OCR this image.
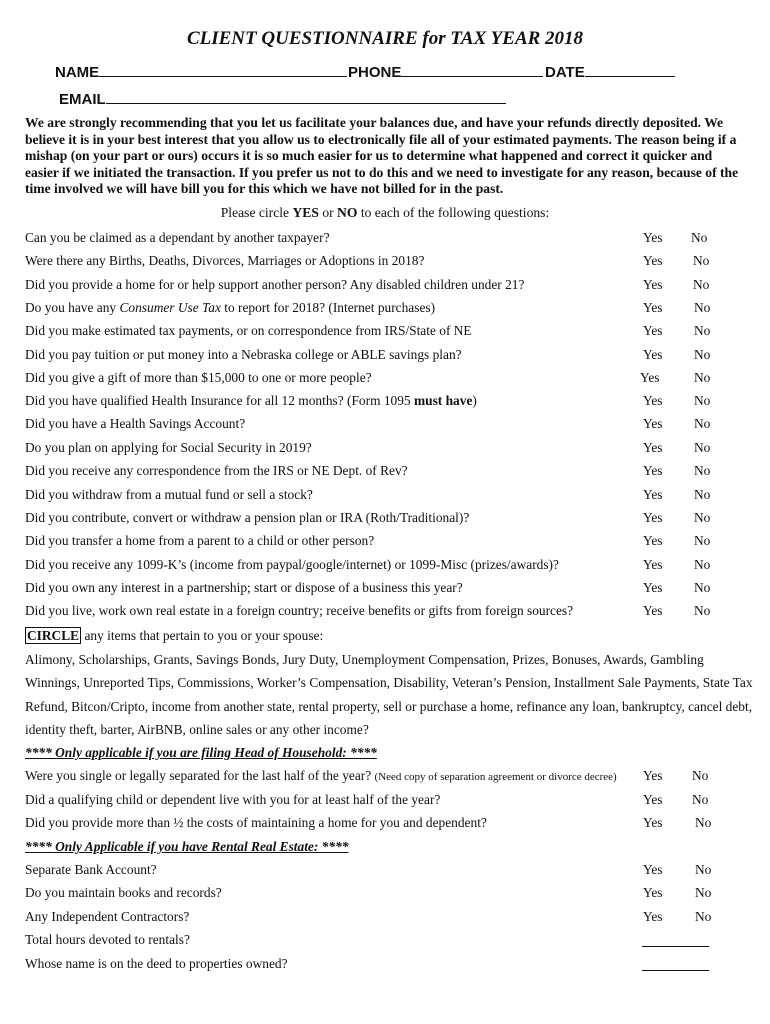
CLIENT QUESTIONNAIRE for TAX YEAR 2018
NAME	PHONE	DATE
EMAIL
We are strongly recommending that you let us facilitate your balances due, and have your refunds directly deposited. We believe it is in your best interest that you allow us to electronically file all of your estimated payments. The reason being if a mishap (on your part or ours) occurs it is so much easier for us to determine what happened and correct it quicker and easier if we initiated the transaction. If you prefer us not to do this and we need to investigate for any reason, because of the time involved we will have bill you for this which we have not billed for in the past.
Please circle YES or NO to each of the following questions:
Can you be claimed as a dependant by another taxpayer?	Yes No
Were there any Births, Deaths, Divorces, Marriages or Adoptions in 2018?	Yes No
Did you provide a home for or help support another person? Any disabled children under 21?	Yes No
Do you have any Consumer Use Tax to report for 2018? (Internet purchases)	Yes No
Did you make estimated tax payments, or on correspondence from IRS/State of NE	Yes No
Did you pay tuition or put money into a Nebraska college or ABLE savings plan?	Yes No
Did you give a gift of more than $15,000 to one or more people?	Yes	No
Did you have qualified Health Insurance for all 12 months? (Form 1095 must have)	Yes No
Did you have a Health Savings Account?	Yes No
Do you plan on applying for Social Security in 2019?	Yes No
Did you receive any correspondence from the IRS or NE Dept. of Rev?	Yes No
Did you withdraw from a mutual fund or sell a stock?	Yes No
Did you contribute, convert or withdraw a pension plan or IRA (Roth/Traditional)?	Yes No
Did you transfer a home from a parent to a child or other person?	Yes No
Did you receive any 1099-K’s (income from paypal/google/internet) or 1099-Misc (prizes/awards)?	Yes No
Did you own any interest in a partnership; start or dispose of a business this year?	Yes No
Did you live, work own real estate in a foreign country; receive benefits or gifts from foreign sources?	Yes No
CIRCLE any items that pertain to you or your spouse:
Alimony, Scholarships, Grants, Savings Bonds, Jury Duty, Unemployment Compensation, Prizes, Bonuses, Awards, Gambling Winnings, Unreported Tips, Commissions, Worker’s Compensation, Disability, Veteran’s Pension, Installment Sale Payments, State Tax Refund, Bitcon/Cripto, income from another state, rental property, sell or purchase a home, refinance any loan, bankruptcy, cancel debt, identity theft, barter, AirBNB, online sales or any other income?
**** Only applicable if you are filing Head of Household: ****
Were you single or legally separated for the last half of the year? (Need copy of separation agreement or divorce decree) Yes No
Did a qualifying child or dependent live with you for at least half of the year?	Yes No
Did you provide more than ½ the costs of maintaining a home for you and dependent?	Yes No
**** Only Applicable if you have Rental Real Estate: ****
Separate Bank Account?	Yes No
Do you maintain books and records?	Yes No
Any Independent Contractors?	Yes No
Total hours devoted to rentals?
Whose name is on the deed to properties owned?
